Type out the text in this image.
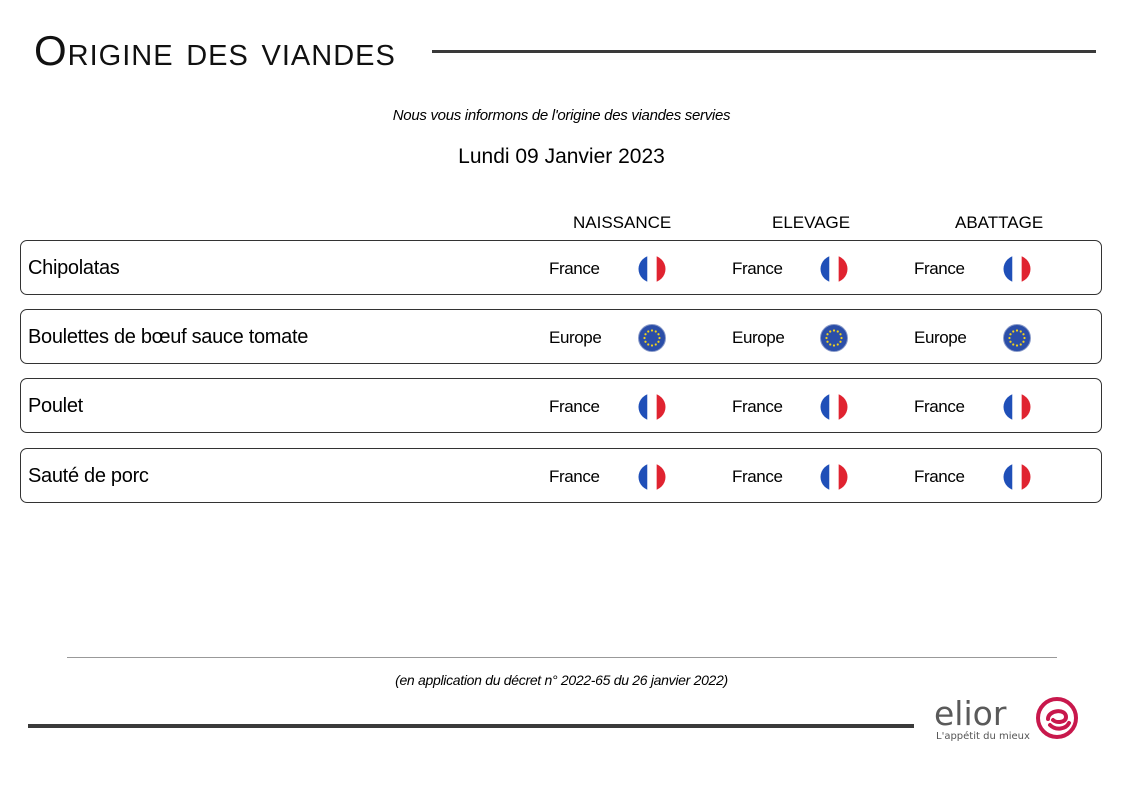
Origine des viandes
Nous vous informons de l'origine des viandes servies
Lundi 09 Janvier 2023
NAISSANCE	ELEVAGE	ABATTAGE
Chipolatas	France	France	France
Boulettes de bœuf sauce tomate	Europe	Europe	Europe
Poulet	France	France	France
Sauté de porc	France	France	France
(en application du décret n° 2022-65 du 26 janvier 2022)
elior
L'appétit du mieux
